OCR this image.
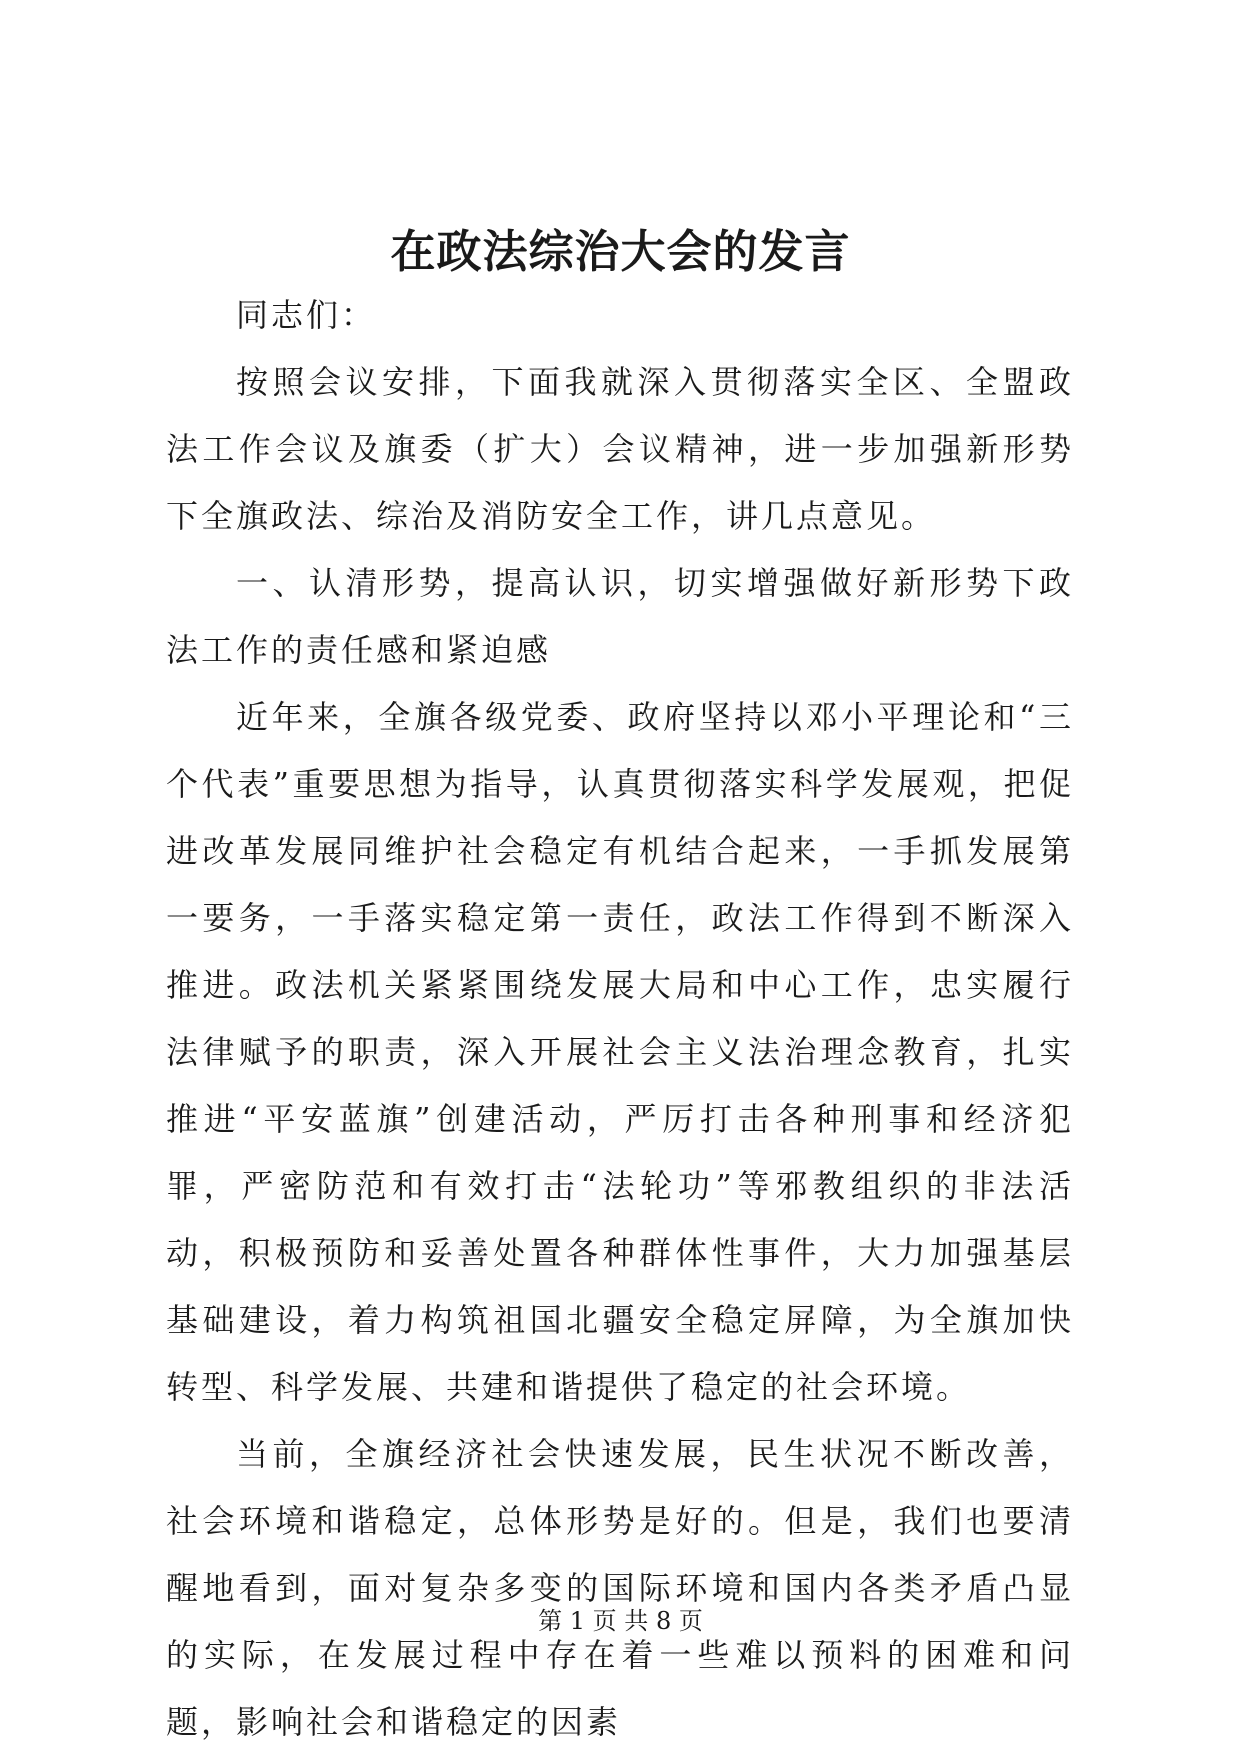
在政法综治大会的发言

同志们：

按照会议安排，下面我就深入贯彻落实全区、全盟政法工作会议及旗委（扩大）会议精神，进一步加强新形势下全旗政法、综治及消防安全工作，讲几点意见。

一、认清形势，提高认识，切实增强做好新形势下政法工作的责任感和紧迫感

近年来，全旗各级党委、政府坚持以邓小平理论和“三个代表”重要思想为指导，认真贯彻落实科学发展观，把促进改革发展同维护社会稳定有机结合起来，一手抓发展第一要务，一手落实稳定第一责任，政法工作得到不断深入推进。政法机关紧紧围绕发展大局和中心工作，忠实履行法律赋予的职责，深入开展社会主义法治理念教育，扎实推进“平安蓝旗”创建活动，严厉打击各种刑事和经济犯罪，严密防范和有效打击“法轮功”等邪教组织的非法活动，积极预防和妥善处置各种群体性事件，大力加强基层基础建设，着力构筑祖国北疆安全稳定屏障，为全旗加快转型、科学发展、共建和谐提供了稳定的社会环境。

当前，全旗经济社会快速发展，民生状况不断改善，社会环境和谐稳定，总体形势是好的。但是，我们也要清醒地看到，面对复杂多变的国际环境和国内各类矛盾凸显的实际，在发展过程中存在着一些难以预料的困难和问题，影响社会和谐稳定的因素

第 1 页 共 8 页
